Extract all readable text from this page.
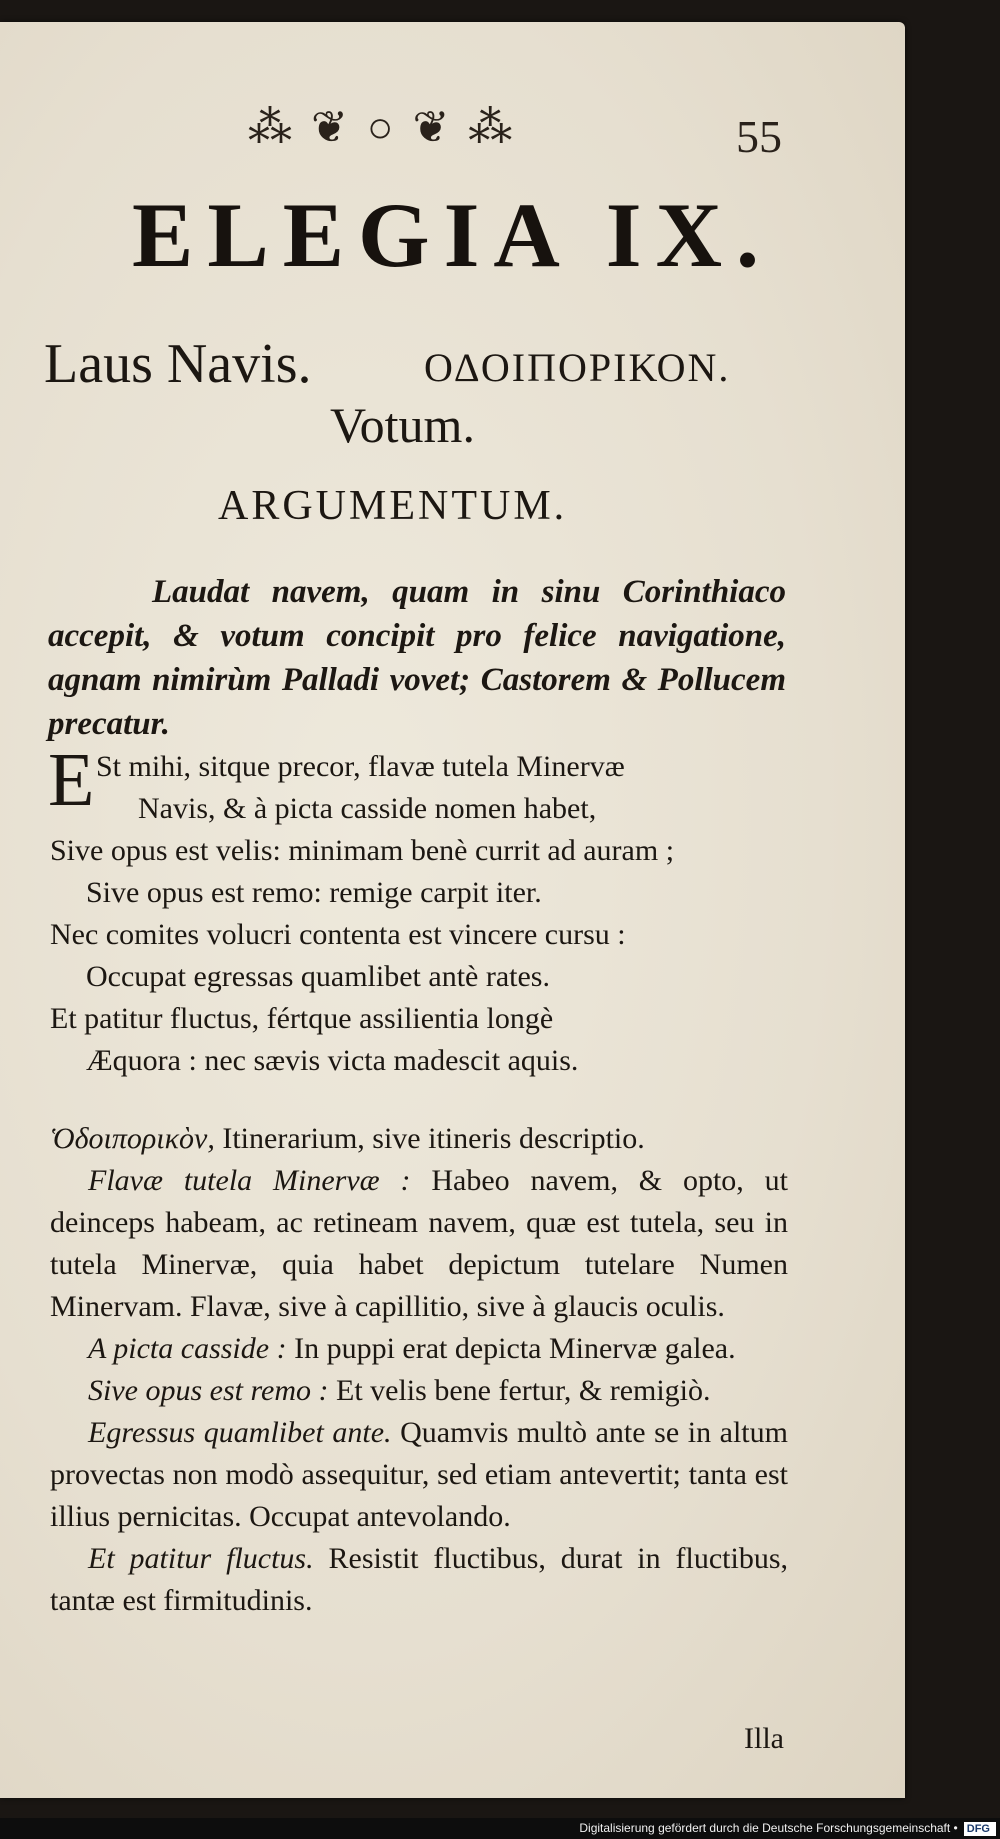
⁂ ❦ ○ ❦ ⁂	55
ELEGIA IX.
Laus Navis.	ΟΔΟΙΠΟΡΙΚΟΝ.
Votum.
ARGUMENTUM.
Laudat navem, quam in sinu Corinthiaco accepit, & votum concipit pro felice navigatione, agnam nimirùm Palladi vovet; Castorem & Pollucem precatur.
E St mihi, sitque precor, flavæ tutela Minervæ
Navis, & à picta casside nomen habet,
Sive opus est velis: minimam benè currit ad auram ;
Sive opus est remo: remige carpit iter.
Nec comites volucri contenta est vincere cursu :
Occupat egressas quamlibet antè rates.
Et patitur fluctus, fértque assilientia longè
Æquora : nec sævis victa madescit aquis.

Ὁδοιπορικὸν, Itinerarium, sive itineris descriptio.

Flavæ tutela Minervæ : Habeo navem, & opto, ut deinceps habeam, ac retineam navem, quæ est tutela, seu in tutela Minervæ, quia habet depictum tutelare Numen Minervam. Flavæ, sive à capillitio, sive à glaucis oculis.

A picta casside : In puppi erat depicta Minervæ galea.

Sive opus est remo : Et velis bene fertur, & remigiò.

Egressus quamlibet ante. Quamvis multò ante se in altum provectas non modò assequitur, sed etiam antevertit; tanta est illius pernicitas. Occupat antevolando.

Et patitur fluctus. Resistit fluctibus, durat in fluctibus, tantæ est firmitudinis.

Illa
Digitalisierung gefördert durch die Deutsche Forschungsgemeinschaft • DFG
